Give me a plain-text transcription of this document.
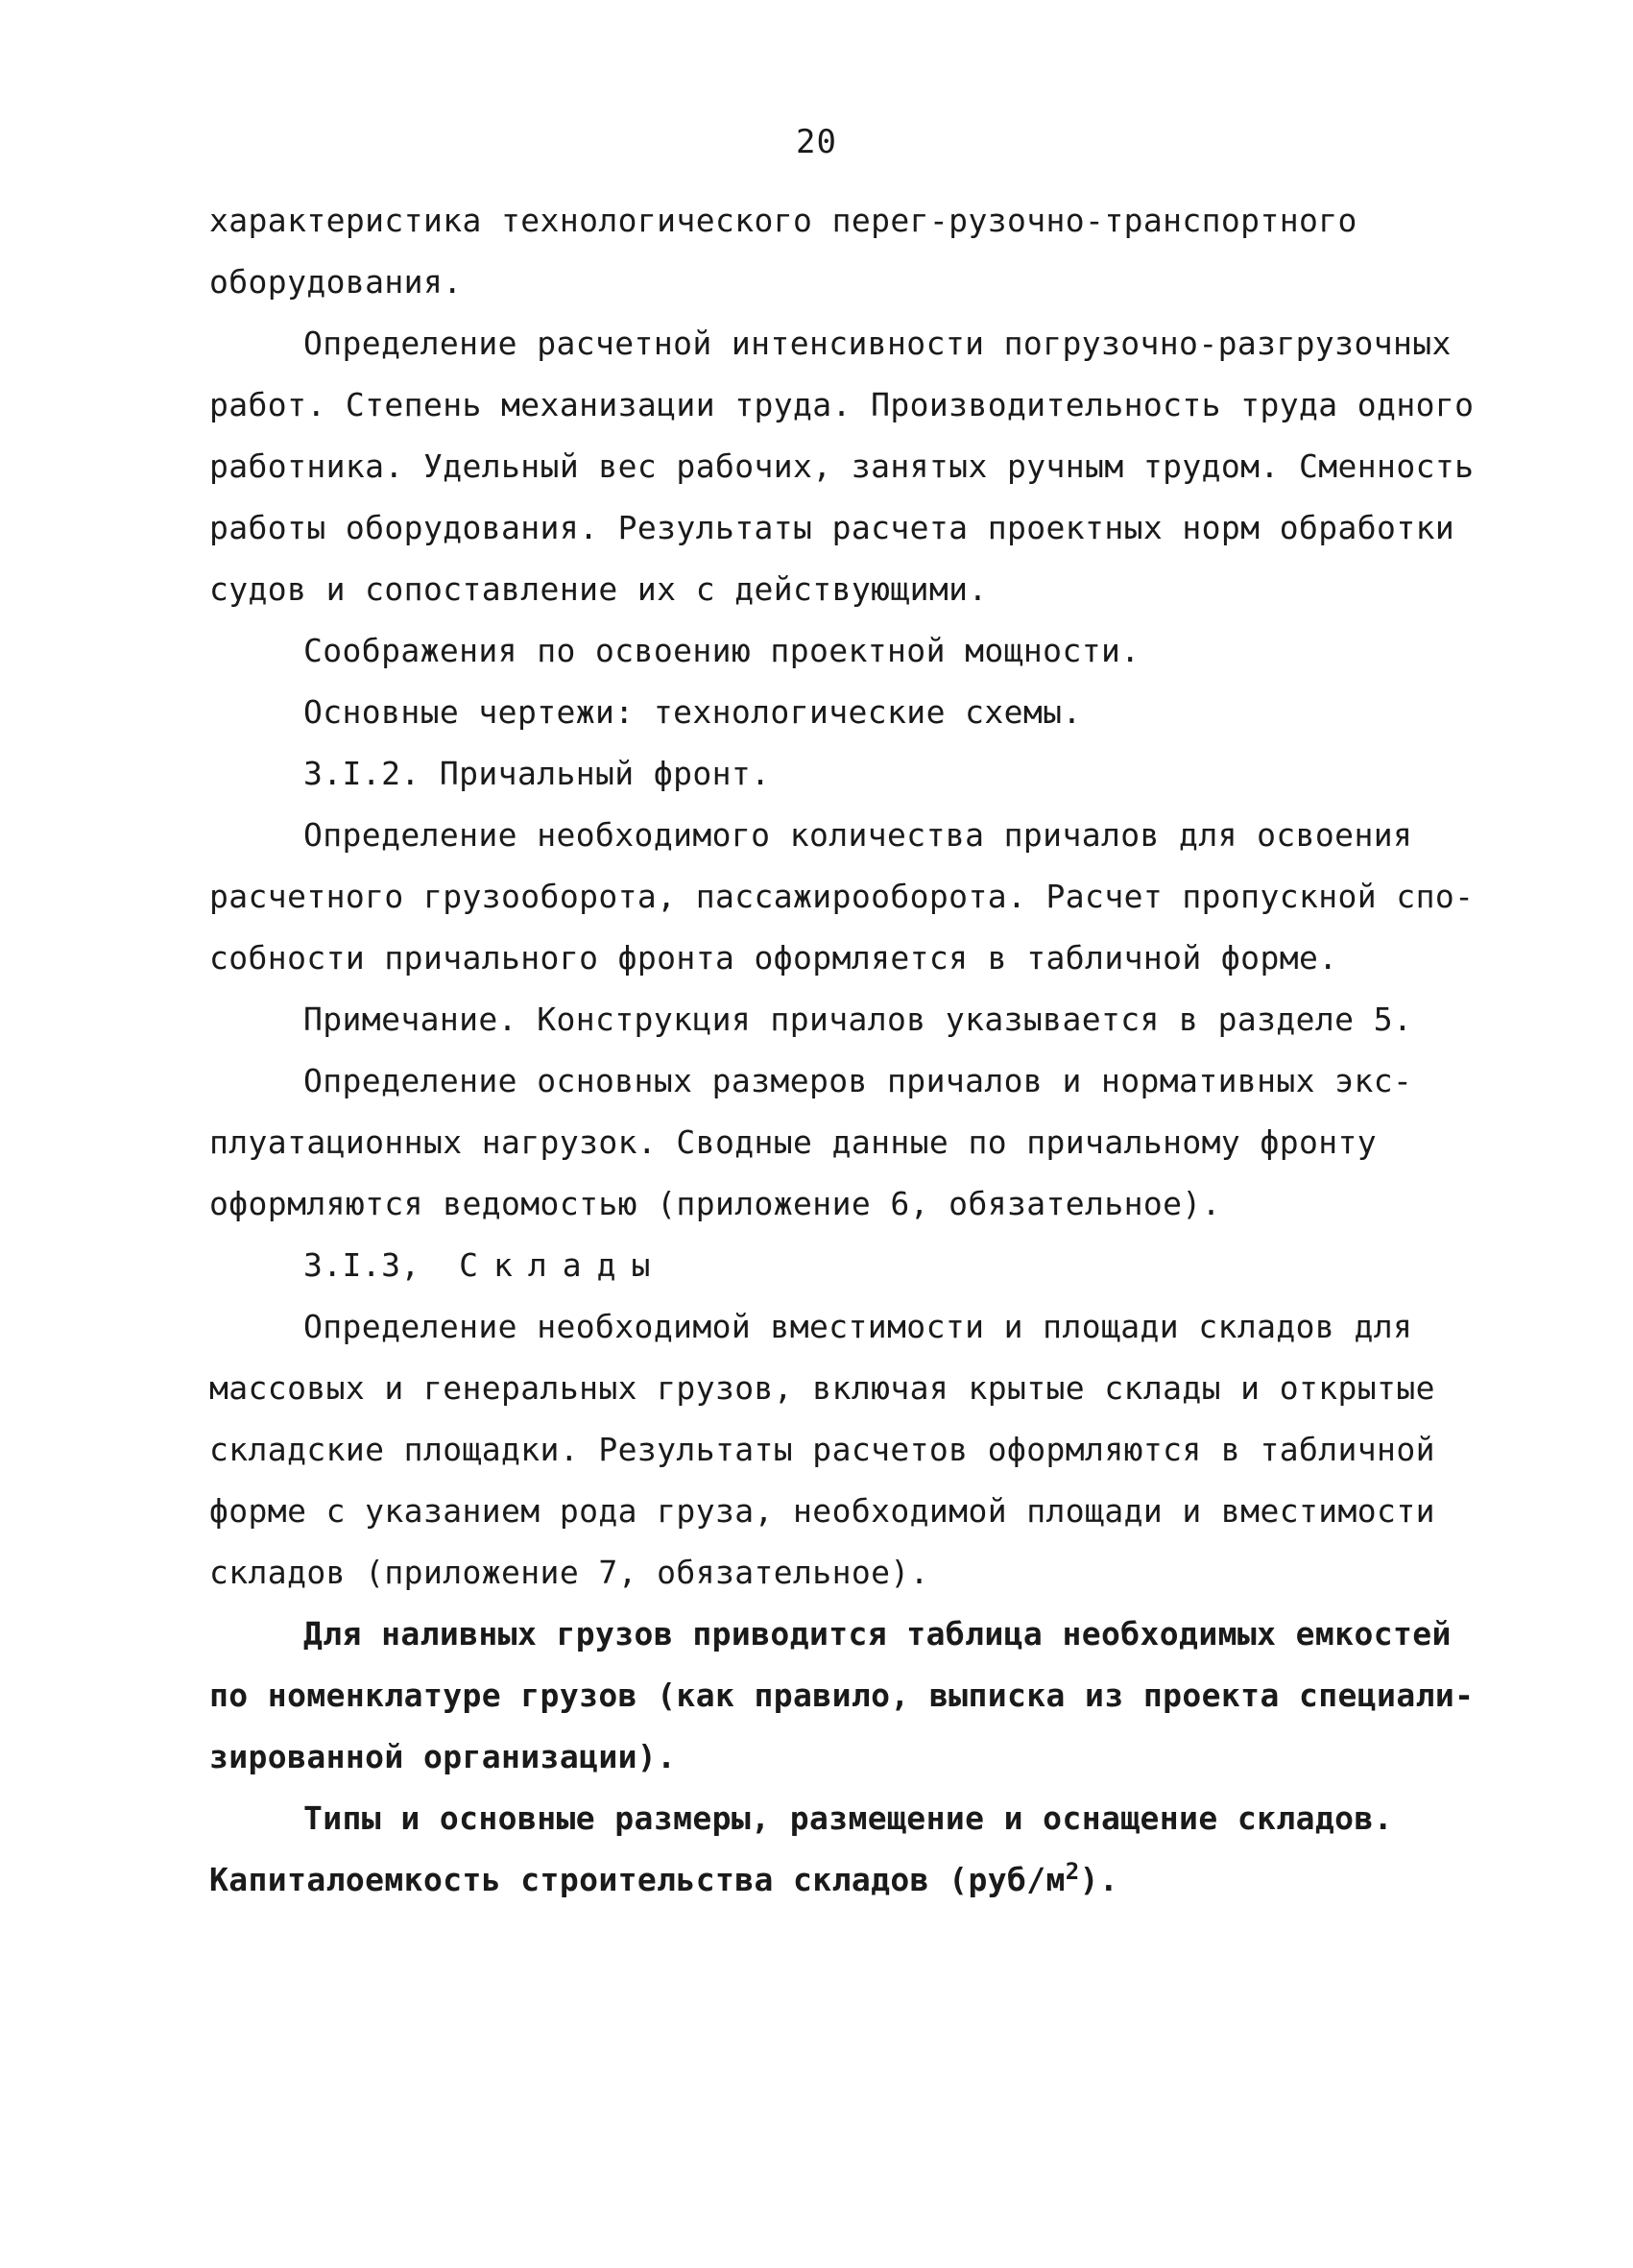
20
характеристика технологического перег-рузочно-транспортного
оборудования.
Определение расчетной интенсивности погрузочно-разгрузочных
работ. Степень механизации труда. Производительность труда одного
работника. Удельный вес рабочих, занятых ручным трудом. Сменность
работы оборудования. Результаты расчета проектных норм обработки
судов и сопоставление их с действующими.
Соображения по освоению проектной мощности.
Основные чертежи: технологические схемы.
3.I.2. Причальный фронт.
Определение необходимого количества причалов для освоения
расчетного грузооборота, пассажирооборота. Расчет пропускной спо-
собности причального фронта оформляется в табличной форме.
Примечание. Конструкция причалов указывается в разделе 5.
Определение основных размеров причалов и нормативных экс-
плуатационных нагрузок. Сводные данные по причальному фронту
оформляются ведомостью (приложение 6, обязательное).
3.I.3, Склады
Определение необходимой вместимости и площади складов для
массовых и генеральных грузов, включая крытые склады и открытые
складские площадки. Результаты расчетов оформляются в табличной
форме с указанием рода груза, необходимой площади и вместимости
складов (приложение 7, обязательное).
Для наливных грузов приводится таблица необходимых емкостей
по номенклатуре грузов (как правило, выписка из проекта специали-
зированной организации).
Типы и основные размеры, размещение и оснащение складов.
Капиталоемкость строительства складов $(руб/м^2)$.
